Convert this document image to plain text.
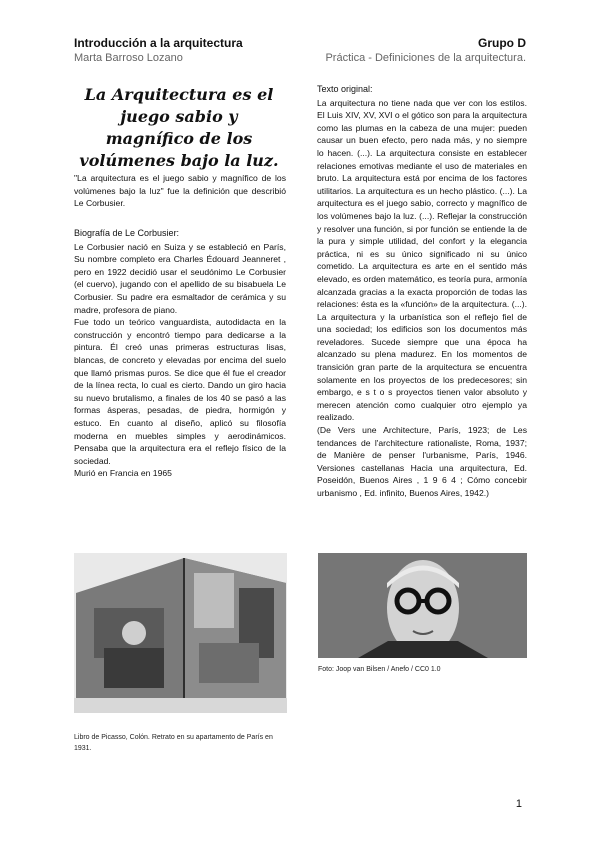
Introducción a la arquitectura
Marta Barroso Lozano
Grupo D
Práctica - Definiciones de la arquitectura.
La Arquitectura es el juego sabio y magnífico de los volúmenes bajo la luz.
"La arquitectura es el juego sabio y magnífico de los volúmenes bajo la luz" fue la definición que describió Le Corbusier.
Biografía de Le Corbusier:

Le Corbusier nació en Suiza y se estableció en París, Su nombre completo era Charles Édouard Jeanneret , pero en 1922 decidió usar el seudónimo Le Corbusier (el cuervo), jugando con el apellido de su bisabuela Le Corbusier. Su padre era esmaltador de cerámica y su madre, profesora de piano.

Fue todo un teórico vanguardista, autodidacta en la construcción y encontró tiempo para dedicarse a la pintura. Él creó unas primeras estructuras lisas, blancas, de concreto y elevadas por encima del suelo que llamó prismas puros. Se dice que él fue el creador de la línea recta, lo cual es cierto. Dando un giro hacia su nuevo brutalismo, a finales de los 40 se pasó a las formas ásperas, pesadas, de piedra, hormigón y estuco. En cuanto al diseño, aplicó su filosofía moderna en muebles simples y aerodinámicos. Pensaba que la arquitectura era el reflejo físico de la sociedad.

Murió en Francia en 1965

Texto original:

La arquitectura no tiene nada que ver con los estilos. El Luis XIV, XV, XVI o el gótico son para la arquitectura como las plumas en la cabeza de una mujer: pueden causar un buen efecto, pero nada más, y no siempre lo hacen. (...). La arquitectura consiste en establecer relaciones emotivas mediante el uso de materiales en bruto. La arquitectura está por encima de los factores utilitarios. La arquitectura es un hecho plástico. (...). La arquitectura es el juego sabio, correcto y magnífico de los volúmenes bajo la luz. (...). Reflejar la construcción y resolver una función, si por función se entiende la de la pura y simple utilidad, del confort y la elegancia práctica, ni es su único significado ni su único cometido. La arquitectura es arte en el sentido más elevado, es orden matemático, es teoría pura, armonía alcanzada gracias a la exacta proporción de todas las relaciones: ésta es la «función» de la arquitectura. (...). La arquitectura y la urbanística son el reflejo fiel de una sociedad; los edificios son los documentos más reveladores. Sucede siempre que una época ha alcanzado su plena madurez. En los momentos de transición gran parte de la arquitectura se encuentra solamente en los proyectos de los predecesores; sin embargo, e s t o s proyectos tienen valor absoluto y merecen atención como cualquier otro ejemplo ya realizado.

(De Vers une Architecture, París, 1923; de Les tendances de l'architecture rationaliste, Roma, 1937; de Manière de penser l'urbanisme, París, 1946. Versiones castellanas Hacia una arquitectura, Ed. Poseidón, Buenos Aires , 1 9 6 4 ; Cómo concebir urbanismo , Ed. infinito, Buenos Aires, 1942.)

Libro de Picasso, Colón. Retrato en su apartamento de París en 1931.
Foto: Joop van Bilsen / Anefo / CC0 1.0
1
